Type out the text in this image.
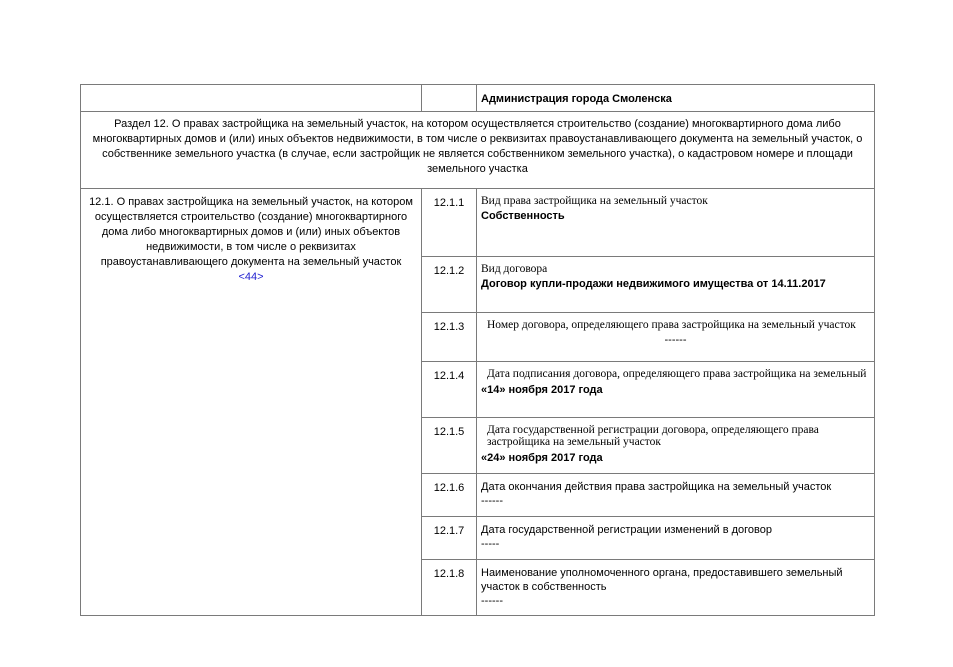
		Администрация города Смоленска
Раздел 12. О правах застройщика на земельный участок, на котором осуществляется строительство (создание) многоквартирного дома либо многоквартирных домов и (или) иных объектов недвижимости, в том числе о реквизитах правоустанавливающего документа на земельный участок, о собственнике земельного участка (в случае, если застройщик не является собственником земельного участка), о кадастровом номере и площади земельного участка		
12.1. О правах застройщика на земельный участок, на котором осуществляется строительство (создание) многоквартирного дома либо многоквартирных домов и (или) иных объектов недвижимости, в том числе о реквизитах правоустанавливающего документа на земельный участок
<44>	12.1.1	Вид права застройщика на земельный участок
Собственность

	12.1.2	Вид договора
Договор купли-продажи недвижимого имущества от 14.11.2017

	12.1.3	Номер договора, определяющего права застройщика на земельный участок
------

	12.1.4	Дата подписания договора, определяющего права застройщика на земельный
«14» ноября 2017 года

	12.1.5	Дата государственной регистрации договора, определяющего права застройщика на земельный участок
«24» ноября 2017 года

	12.1.6	Дата окончания действия права застройщика на земельный участок
------

	12.1.7	Дата государственной регистрации изменений в договор
-----

	12.1.8	Наименование уполномоченного органа, предоставившего земельный участок в собственность
------
